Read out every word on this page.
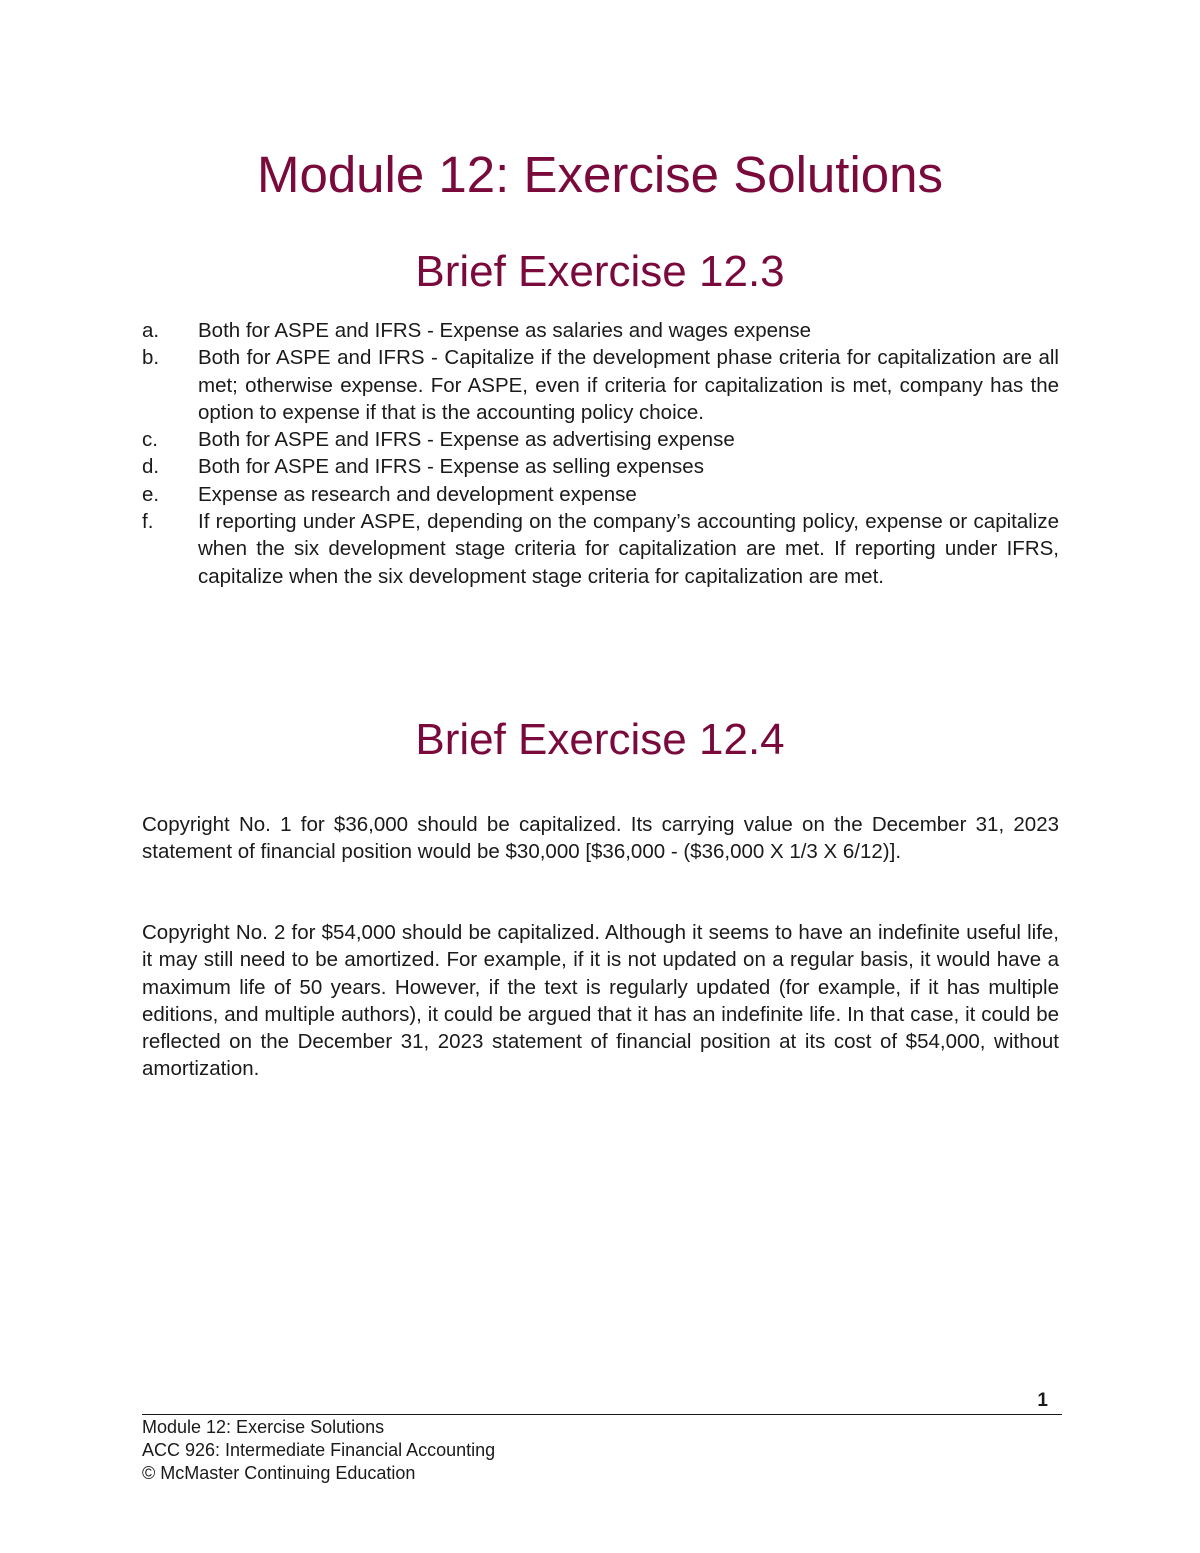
Module 12: Exercise Solutions
Brief Exercise 12.3
a. Both for ASPE and IFRS - Expense as salaries and wages expense
b. Both for ASPE and IFRS - Capitalize if the development phase criteria for capitalization are all met; otherwise expense. For ASPE, even if criteria for capitalization is met, company has the option to expense if that is the accounting policy choice.
c. Both for ASPE and IFRS - Expense as advertising expense
d. Both for ASPE and IFRS - Expense as selling expenses
e. Expense as research and development expense
f. If reporting under ASPE, depending on the company’s accounting policy, expense or capitalize when the six development stage criteria for capitalization are met. If reporting under IFRS, capitalize when the six development stage criteria for capitalization are met.
Brief Exercise 12.4

Copyright No. 1 for $36,000 should be capitalized. Its carrying value on the December 31, 2023 statement of financial position would be $30,000 [$36,000 - ($36,000 X 1/3 X 6/12)].

Copyright No. 2 for $54,000 should be capitalized. Although it seems to have an indefinite useful life, it may still need to be amortized. For example, if it is not updated on a regular basis, it would have a maximum life of 50 years. However, if the text is regularly updated (for example, if it has multiple editions, and multiple authors), it could be argued that it has an indefinite life. In that case, it could be reflected on the December 31, 2023 statement of financial position at its cost of $54,000, without amortization.

1
Module 12: Exercise Solutions
ACC 926: Intermediate Financial Accounting
© McMaster Continuing Education
